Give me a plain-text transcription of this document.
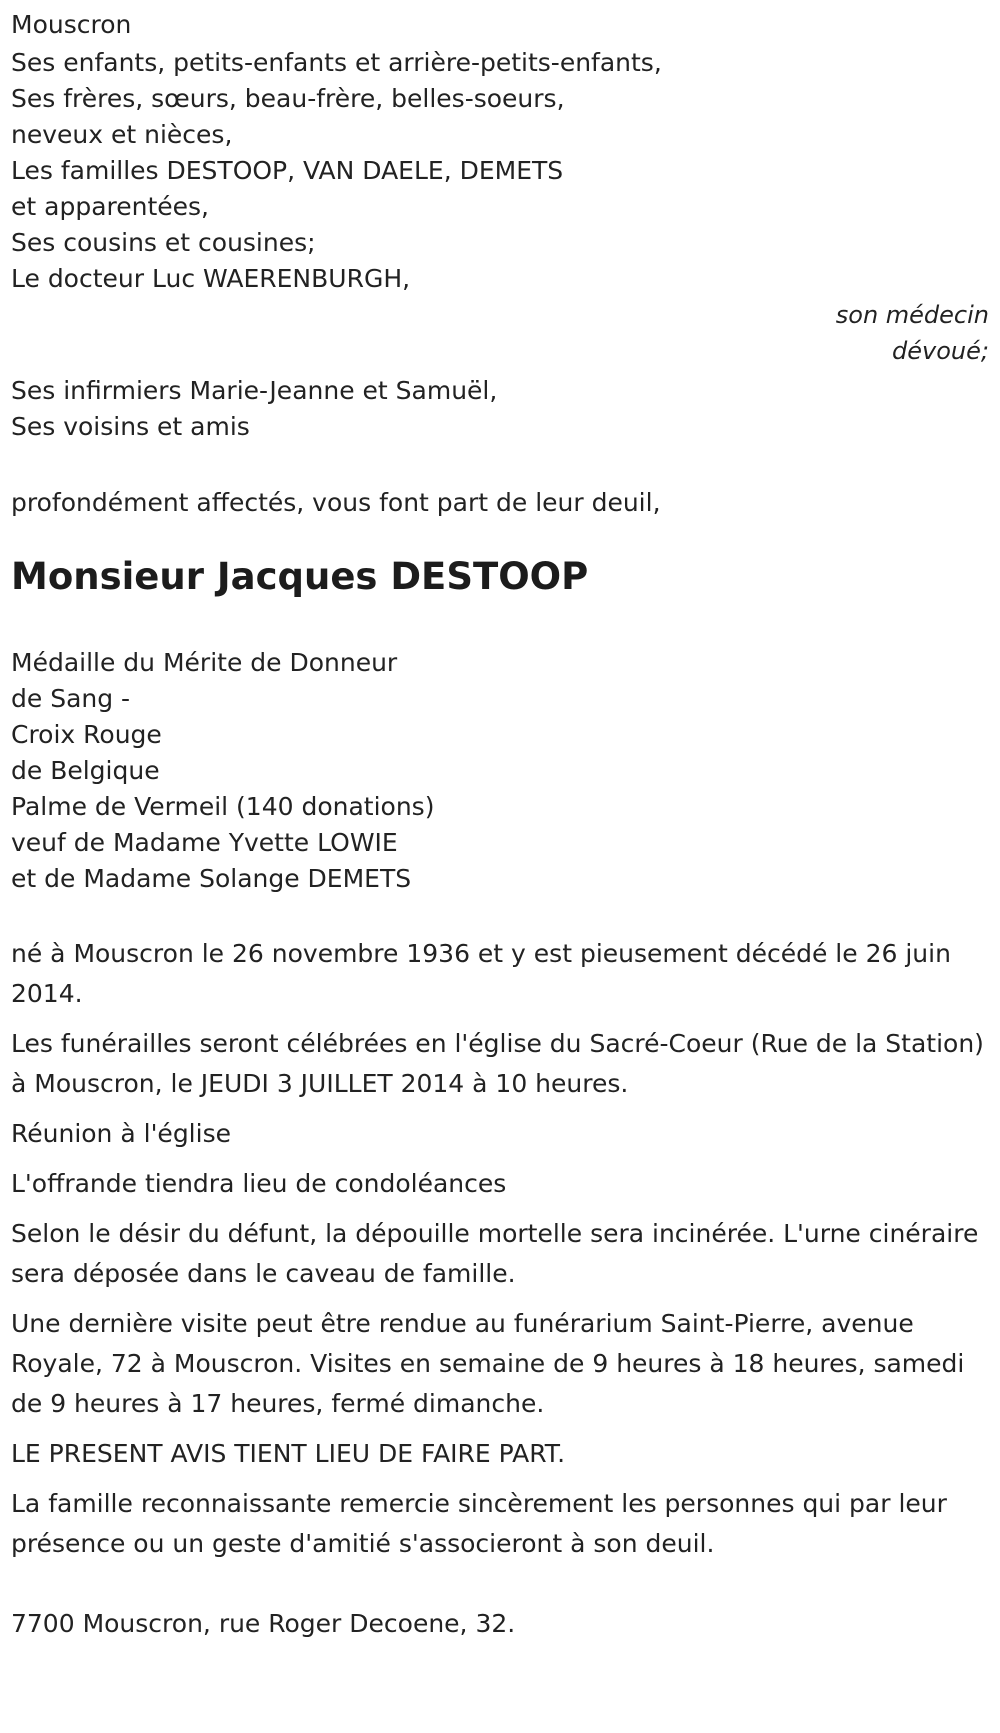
Mouscron

Ses enfants, petits-enfants et arrière-petits-enfants,

Ses frères, sœurs, beau-frère, belles-soeurs,

neveux et nièces,

Les familles DESTOOP, VAN DAELE, DEMETS

et apparentées,

Ses cousins et cousines;

Le docteur Luc WAERENBURGH,

son médecin

dévoué;

Ses infirmiers Marie-Jeanne et Samuël,

Ses voisins et amis

profondément affectés, vous font part de leur deuil,

Monsieur Jacques DESTOOP

Médaille du Mérite de Donneur

de Sang -

Croix Rouge

de Belgique

Palme de Vermeil (140 donations)

veuf de Madame Yvette LOWIE

et de Madame Solange DEMETS

né à Mouscron le 26 novembre 1936 et y est pieusement décédé le 26 juin 2014.

Les funérailles seront célébrées en l'église du Sacré-Coeur (Rue de la Station) à Mouscron, le JEUDI 3 JUILLET 2014 à 10 heures.

Réunion à l'église

L'offrande tiendra lieu de condoléances

Selon le désir du défunt, la dépouille mortelle sera incinérée. L'urne cinéraire sera déposée dans le caveau de famille.

Une dernière visite peut être rendue au funérarium Saint-Pierre, avenue Royale, 72 à Mouscron. Visites en semaine de 9 heures à 18 heures, samedi de 9 heures à 17 heures, fermé dimanche.

LE PRESENT AVIS TIENT LIEU DE FAIRE PART.

La famille reconnaissante remercie sincèrement les personnes qui par leur présence ou un geste d'amitié s'associeront à son deuil.

7700 Mouscron, rue Roger Decoene, 32.
